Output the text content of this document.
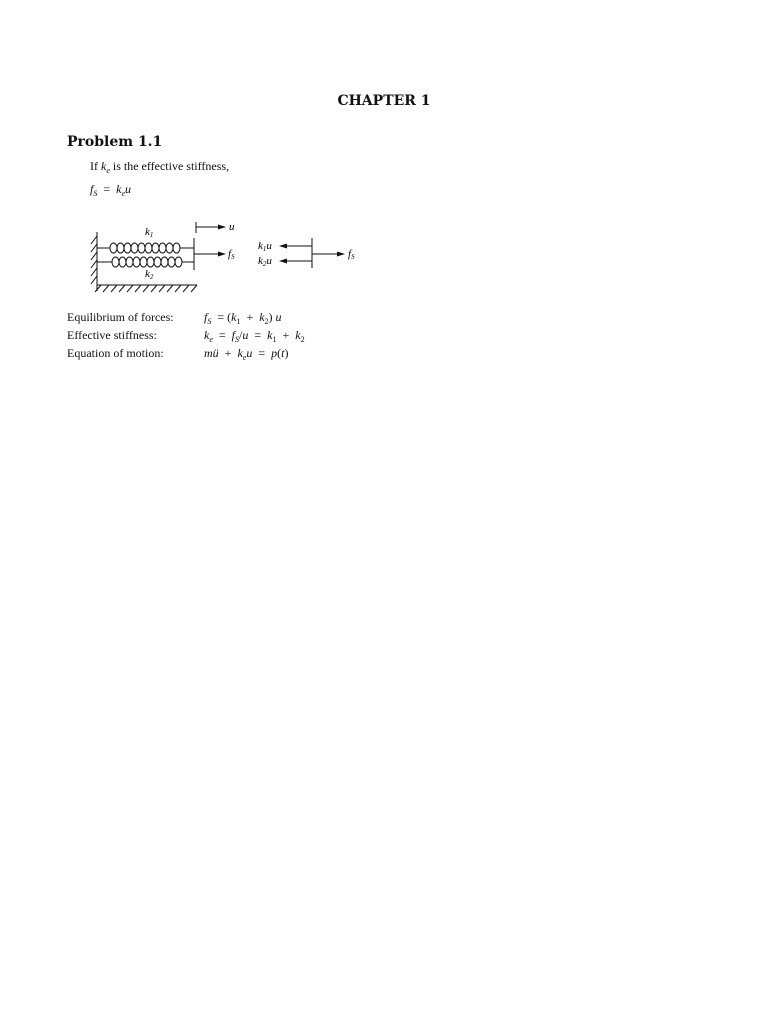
CHAPTER 1
Problem 1.1
If $k_e$ is the effective stiffness,
$f_S = k_eu$
k1
k2
u
fS
k1u
k2u
fS
Equilibrium of forces:	$f_S = (k_1 + k_2)$ u
Effective stiffness:	$k_e = f_S/u = k_1 + k_2$
Equation of motion:	mü + $k_eu = p(t)$
